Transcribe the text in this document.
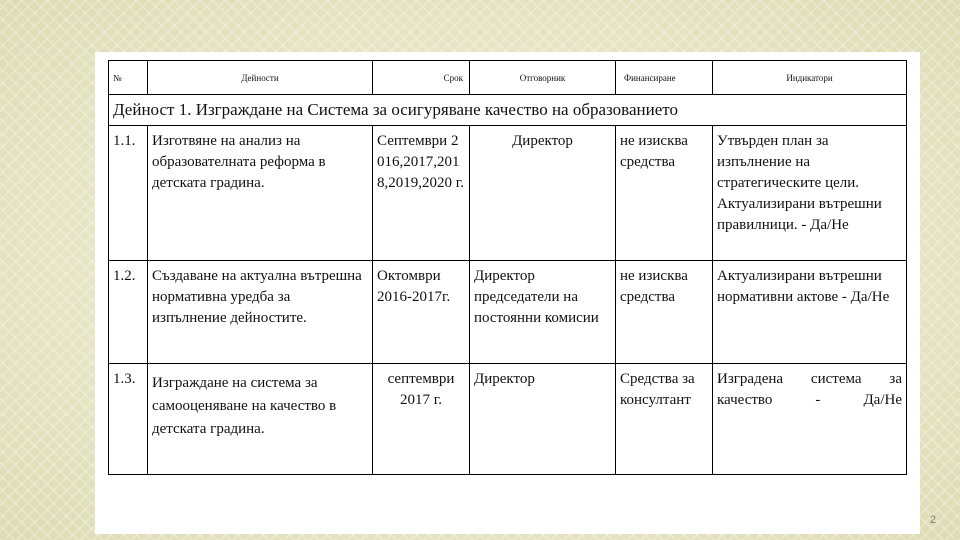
№	Дейности	Срок	Отговорник	Финансиране	Индикатори
Дейност 1. Изграждане на Система за осигуряване качество на образованието					
1.1.	Изготвяне на анализ на образователната реформа в детската градина.	Септември 2016,2017,2018,2019,2020 г.	Директор	не изисква средства	Утвърден план за изпълнение на стратегическите цели. Актуализирани вътрешни правилници. - Да/Не
1.2.	Създаване на актуална вътрешна нормативна уредба за изпълнение дейностите.	Октомври 2016-2017г.	Директор председатели на постоянни комисии	не изисква средства	Актуализирани вътрешни нормативни актове - Да/Не
1.3.	Изграждане на система за самооценяване на качество в детската градина.	септември 2017 г.	Директор	Средства за консултант	Изградена система за качество - Да/Не
2
